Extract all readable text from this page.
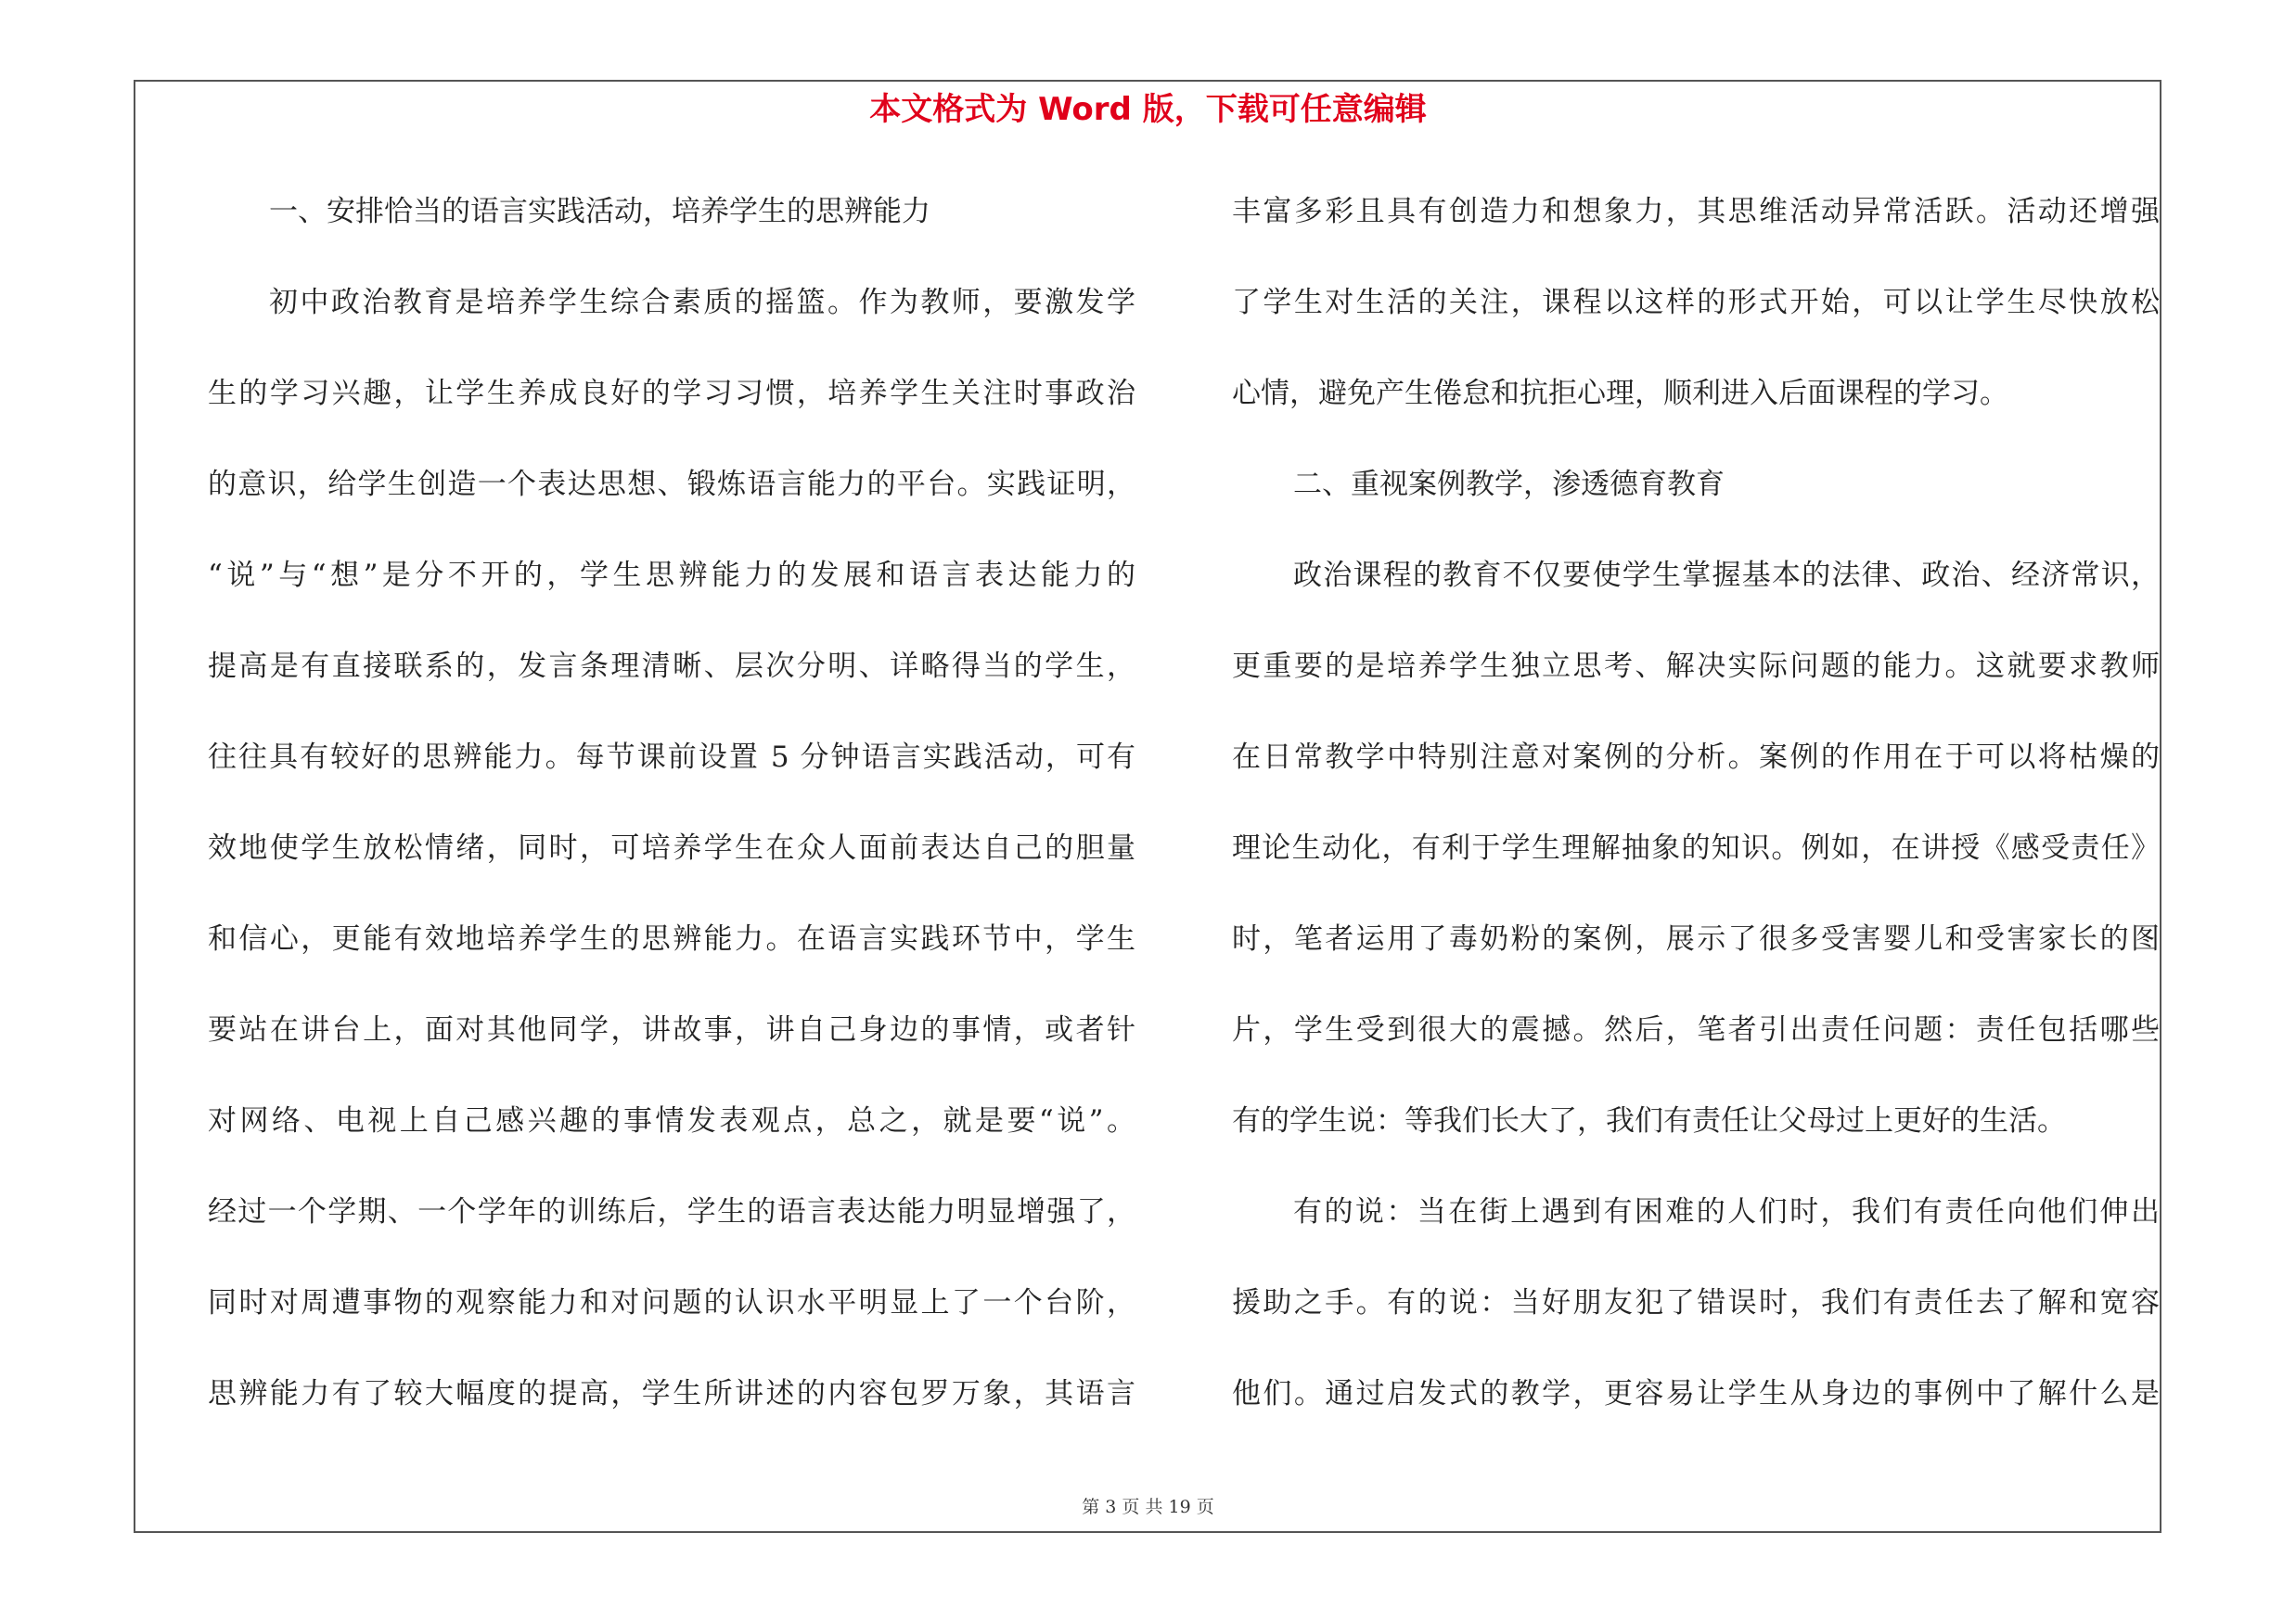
本文格式为 Word 版，下载可任意编辑
一、安排恰当的语言实践活动，培养学生的思辨能力
初中政治教育是培养学生综合素质的摇篮。作为教师，要激发学
生的学习兴趣，让学生养成良好的学习习惯，培养学生关注时事政治
的意识，给学生创造一个表达思想、锻炼语言能力的平台。实践证明，
“说”与“想”是分不开的，学生思辨能力的发展和语言表达能力的
提高是有直接联系的，发言条理清晰、层次分明、详略得当的学生，
往往具有较好的思辨能力。每节课前设置 5 分钟语言实践活动，可有
效地使学生放松情绪，同时，可培养学生在众人面前表达自己的胆量
和信心，更能有效地培养学生的思辨能力。在语言实践环节中，学生
要站在讲台上，面对其他同学，讲故事，讲自己身边的事情，或者针
对网络、电视上自己感兴趣的事情发表观点，总之，就是要“说”。
经过一个学期、一个学年的训练后，学生的语言表达能力明显增强了，
同时对周遭事物的观察能力和对问题的认识水平明显上了一个台阶，
思辨能力有了较大幅度的提高，学生所讲述的内容包罗万象，其语言
丰富多彩且具有创造力和想象力，其思维活动异常活跃。活动还增强
了学生对生活的关注，课程以这样的形式开始，可以让学生尽快放松
心情，避免产生倦怠和抗拒心理，顺利进入后面课程的学习。
二、重视案例教学，渗透德育教育
政治课程的教育不仅要使学生掌握基本的法律、政治、经济常识，
更重要的是培养学生独立思考、解决实际问题的能力。这就要求教师
在日常教学中特别注意对案例的分析。案例的作用在于可以将枯燥的
理论生动化，有利于学生理解抽象的知识。例如，在讲授《感受责任》
时，笔者运用了毒奶粉的案例，展示了很多受害婴儿和受害家长的图
片，学生受到很大的震撼。然后，笔者引出责任问题：责任包括哪些
有的学生说：等我们长大了，我们有责任让父母过上更好的生活。
有的说：当在街上遇到有困难的人们时，我们有责任向他们伸出
援助之手。有的说：当好朋友犯了错误时，我们有责任去了解和宽容
他们。通过启发式的教学，更容易让学生从身边的事例中了解什么是
第 3 页 共 19 页
